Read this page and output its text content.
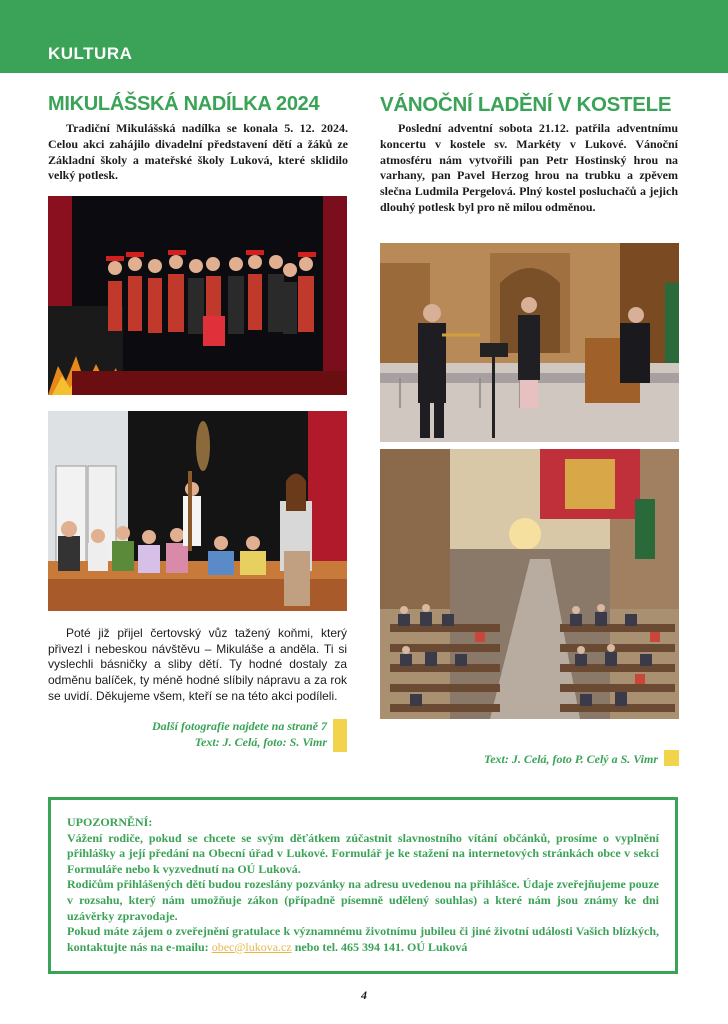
KULTURA
MIKULÁŠSKÁ NADÍLKA 2024
Tradiční Mikulášská nadílka se konala 5. 12. 2024. Celou akci zahájilo divadelní představení dětí a žáků ze Základní školy a mateřské školy Luková, které sklidilo velký potlesk.
Poté již přijel čertovský vůz tažený koňmi, který přivezl i nebeskou návštěvu – Mikuláše a anděla. Ti si vyslechli básničky a sliby dětí. Ty hodné dostaly za odměnu balíček, ty méně hodné slíbily nápravu a za rok se uvidí. Děkujeme všem, kteří se na této akci podíleli.
Další fotografie najdete na straně 7
Text: J. Celá, foto: S. Vimr
VÁNOČNÍ LADĚNÍ V KOSTELE
Poslední adventní sobota 21.12. patřila adventnímu koncertu v kostele sv. Markéty v Lukové. Vánoční atmosféru nám vytvořili pan Petr Hostinský hrou na varhany, pan Pavel Herzog hrou na trubku a zpěvem slečna Ludmila Pergelová. Plný kostel posluchačů a jejich dlouhý potlesk byl pro ně milou odměnou.
Text: J. Celá, foto P. Celý a S. Vimr
UPOZORNĚNÍ:

Vážení rodiče, pokud se chcete se svým děťátkem zúčastnit slavnostního vítání občánků, prosíme o vyplnění přihlášky a její předání na Obecní úřad v Lukové. Formulář je ke stažení na internetových stránkách obce v sekci Formuláře nebo k vyzvednutí na OÚ Luková.

Rodičům přihlášených dětí budou rozeslány pozvánky na adresu uvedenou na přihlášce. Údaje zveřejňujeme pouze v rozsahu, který nám umožňuje zákon (případně písemně udělený souhlas) a které nám jsou známy ke dni uzávěrky zpravodaje.

Pokud máte zájem o zveřejnění gratulace k významnému životnímu jubileu či jiné životní události Vašich blízkých, kontaktujte nás na e-mailu: obec@lukova.cz nebo tel. 465 394 141. OÚ Luková

4
